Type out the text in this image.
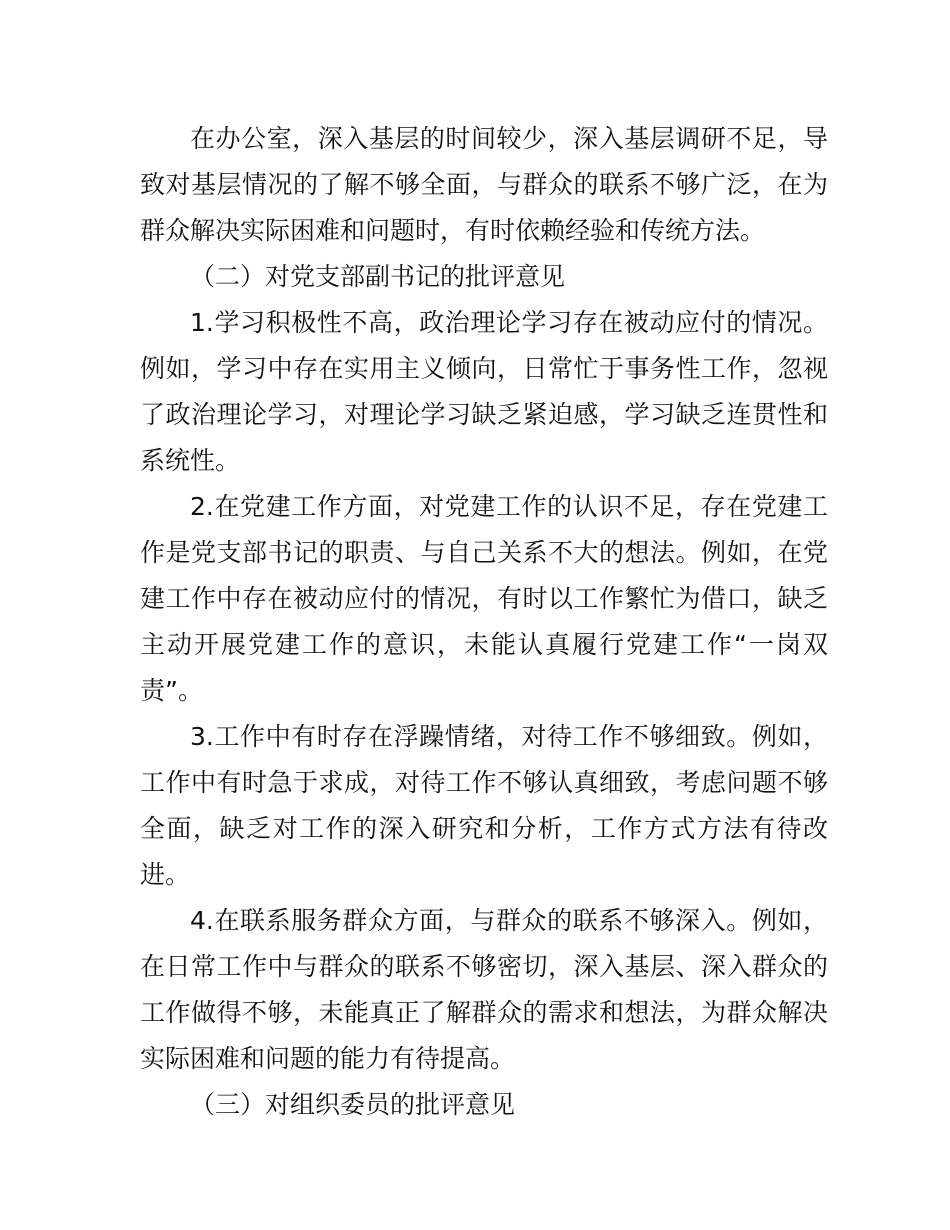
在办公室，深入基层的时间较少，深入基层调研不足，导致对基层情况的了解不够全面，与群众的联系不够广泛，在为群众解决实际困难和问题时，有时依赖经验和传统方法。

（二）对党支部副书记的批评意见

1.学习积极性不高，政治理论学习存在被动应付的情况。例如，学习中存在实用主义倾向，日常忙于事务性工作，忽视了政治理论学习，对理论学习缺乏紧迫感，学习缺乏连贯性和系统性。

2.在党建工作方面，对党建工作的认识不足，存在党建工作是党支部书记的职责、与自己关系不大的想法。例如，在党建工作中存在被动应付的情况，有时以工作繁忙为借口，缺乏主动开展党建工作的意识，未能认真履行党建工作“一岗双责”。

3.工作中有时存在浮躁情绪，对待工作不够细致。例如，工作中有时急于求成，对待工作不够认真细致，考虑问题不够全面，缺乏对工作的深入研究和分析，工作方式方法有待改进。

4.在联系服务群众方面，与群众的联系不够深入。例如，在日常工作中与群众的联系不够密切，深入基层、深入群众的工作做得不够，未能真正了解群众的需求和想法，为群众解决实际困难和问题的能力有待提高。

（三）对组织委员的批评意见
